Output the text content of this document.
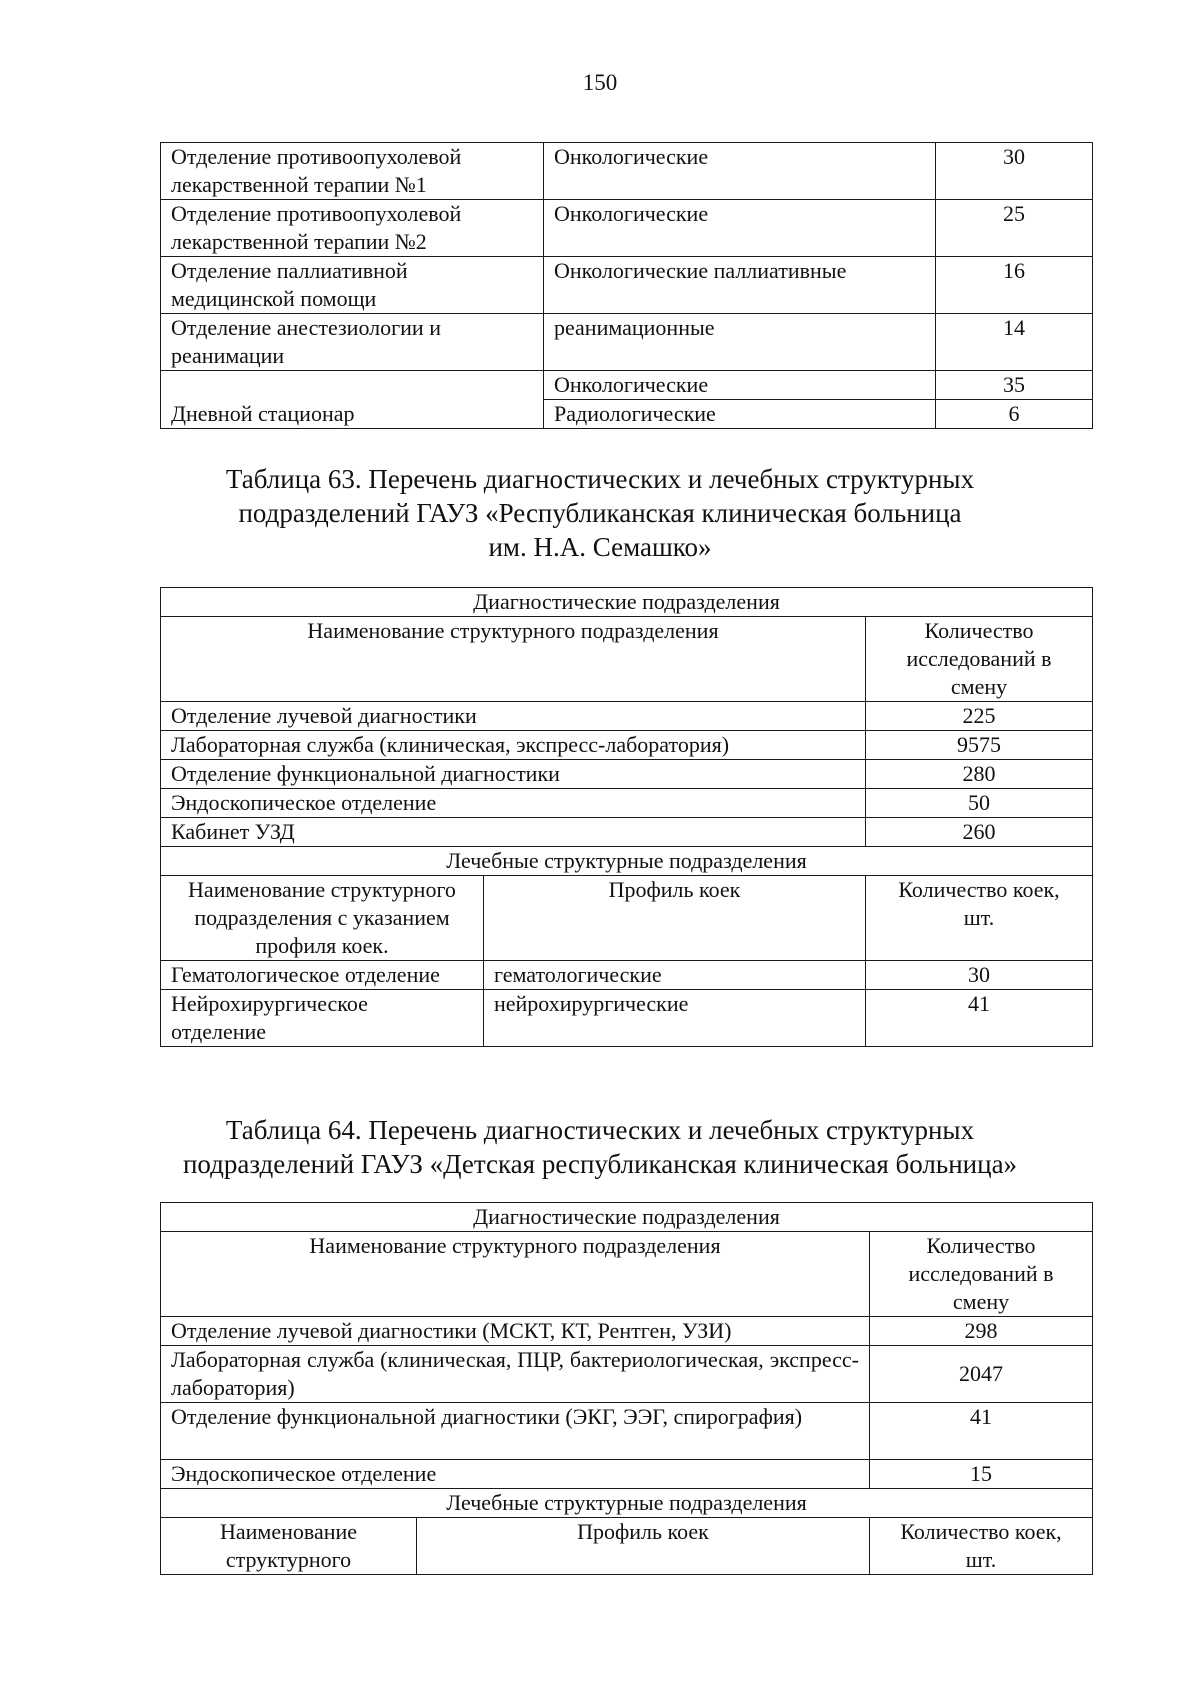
150
Отделение противоопухолевой
лекарственной терапии №1	Онкологические	30
Отделение противоопухолевой
лекарственной терапии №2	Онкологические	25
Отделение паллиативной
медицинской помощи	Онкологические паллиативные	16
Отделение анестезиологии и
реанимации	реанимационные	14
Дневной стационар	Онкологические	35
	Радиологические	6
Таблица 63. Перечень диагностических и лечебных структурных
подразделений ГАУЗ «Республиканская клиническая больница
им. Н.А. Семашко»
Диагностические подразделения		
Наименование структурного подразделения		Количество
исследований в
смену
Отделение лучевой диагностики		225
Лабораторная служба (клиническая, экспресс-лаборатория)		9575
Отделение функциональной диагностики		280
Эндоскопическое отделение		50
Кабинет УЗД		260
Лечебные структурные подразделения		
Наименование структурного
подразделения с указанием
профиля коек.	Профиль коек	Количество коек,
шт.
Гематологическое отделение	гематологические	30
Нейрохирургическое
отделение	нейрохирургические	41
Таблица 64. Перечень диагностических и лечебных структурных
подразделений ГАУЗ «Детская республиканская клиническая больница»
Диагностические подразделения		
Наименование структурного подразделения		Количество
исследований в
смену
Отделение лучевой диагностики (МСКТ, КТ, Рентген, УЗИ)		298
Лабораторная служба (клиническая, ПЦР, бактериологическая, экспресс-лаборатория)		2047
Отделение функциональной диагностики (ЭКГ, ЭЭГ, спирография)		41
Эндоскопическое отделение		15
Лечебные структурные подразделения		
Наименование
структурного	Профиль коек	Количество коек,
шт.
